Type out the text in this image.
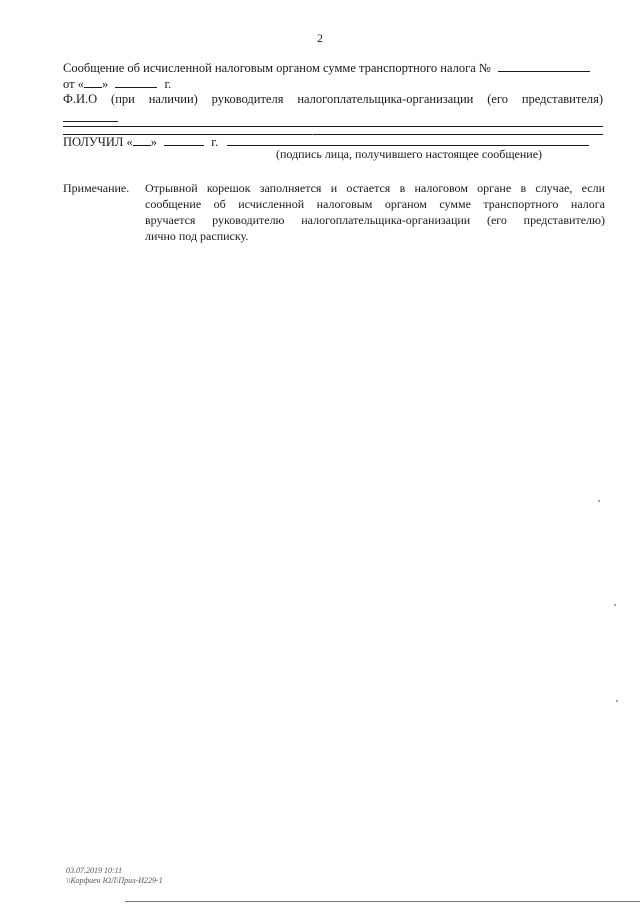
2
Сообщение об исчисленной налоговым органом сумме транспортного налога №
от « »	г.
Ф.И.О (при наличии) руководителя налогоплательщика-организации (его представителя)
ПОЛУЧИЛ « »	г.
(подпись лица, получившего настоящее сообщение)
Примечание. Отрывной корешок заполняется и остается в налоговом органе в случае, если
сообщение об исчисленной налоговым органом сумме транспортного налога
вручается руководителю налогоплательщика-организации (его представителю)
лично под расписку.
03.07.2019 10:11
\\Корфиен ЮЛ\Прил-И229-1
